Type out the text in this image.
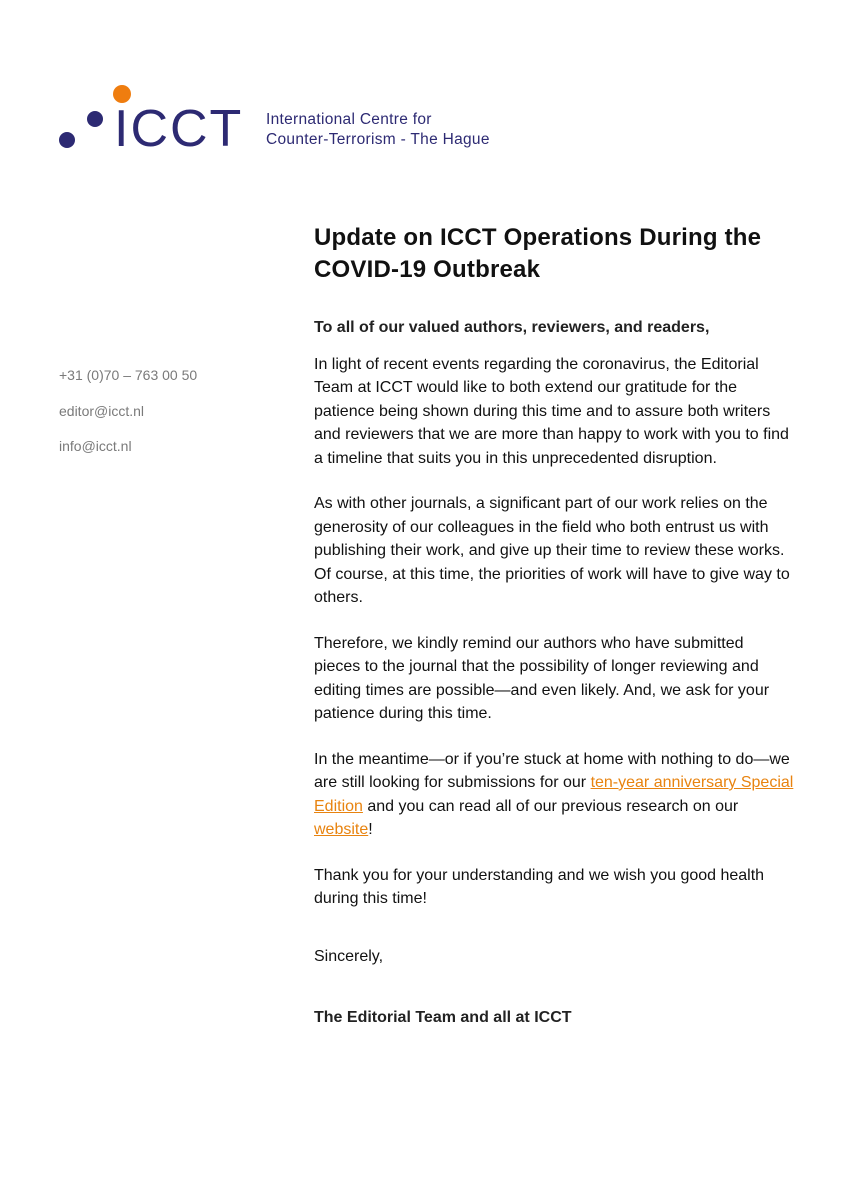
ICCT International Centre for
Counter-Terrorism - The Hague
+31 (0)70 – 763 00 50
editor@icct.nl
info@icct.nl
Update on ICCT Operations During the COVID-19 Outbreak

To all of our valued authors, reviewers, and readers,

In light of recent events regarding the coronavirus, the Editorial Team at ICCT would like to both extend our gratitude for the patience being shown during this time and to assure both writers and reviewers that we are more than happy to work with you to find a timeline that suits you in this unprecedented disruption.

As with other journals, a significant part of our work relies on the generosity of our colleagues in the field who both entrust us with publishing their work, and give up their time to review these works. Of course, at this time, the priorities of work will have to give way to others.

Therefore, we kindly remind our authors who have submitted pieces to the journal that the possibility of longer reviewing and editing times are possible—and even likely. And, we ask for your patience during this time.

In the meantime—or if you’re stuck at home with nothing to do—we are still looking for submissions for our ten-year anniversary Special Edition and you can read all of our previous research on our website!

Thank you for your understanding and we wish you good health during this time!

Sincerely,

The Editorial Team and all at ICCT
